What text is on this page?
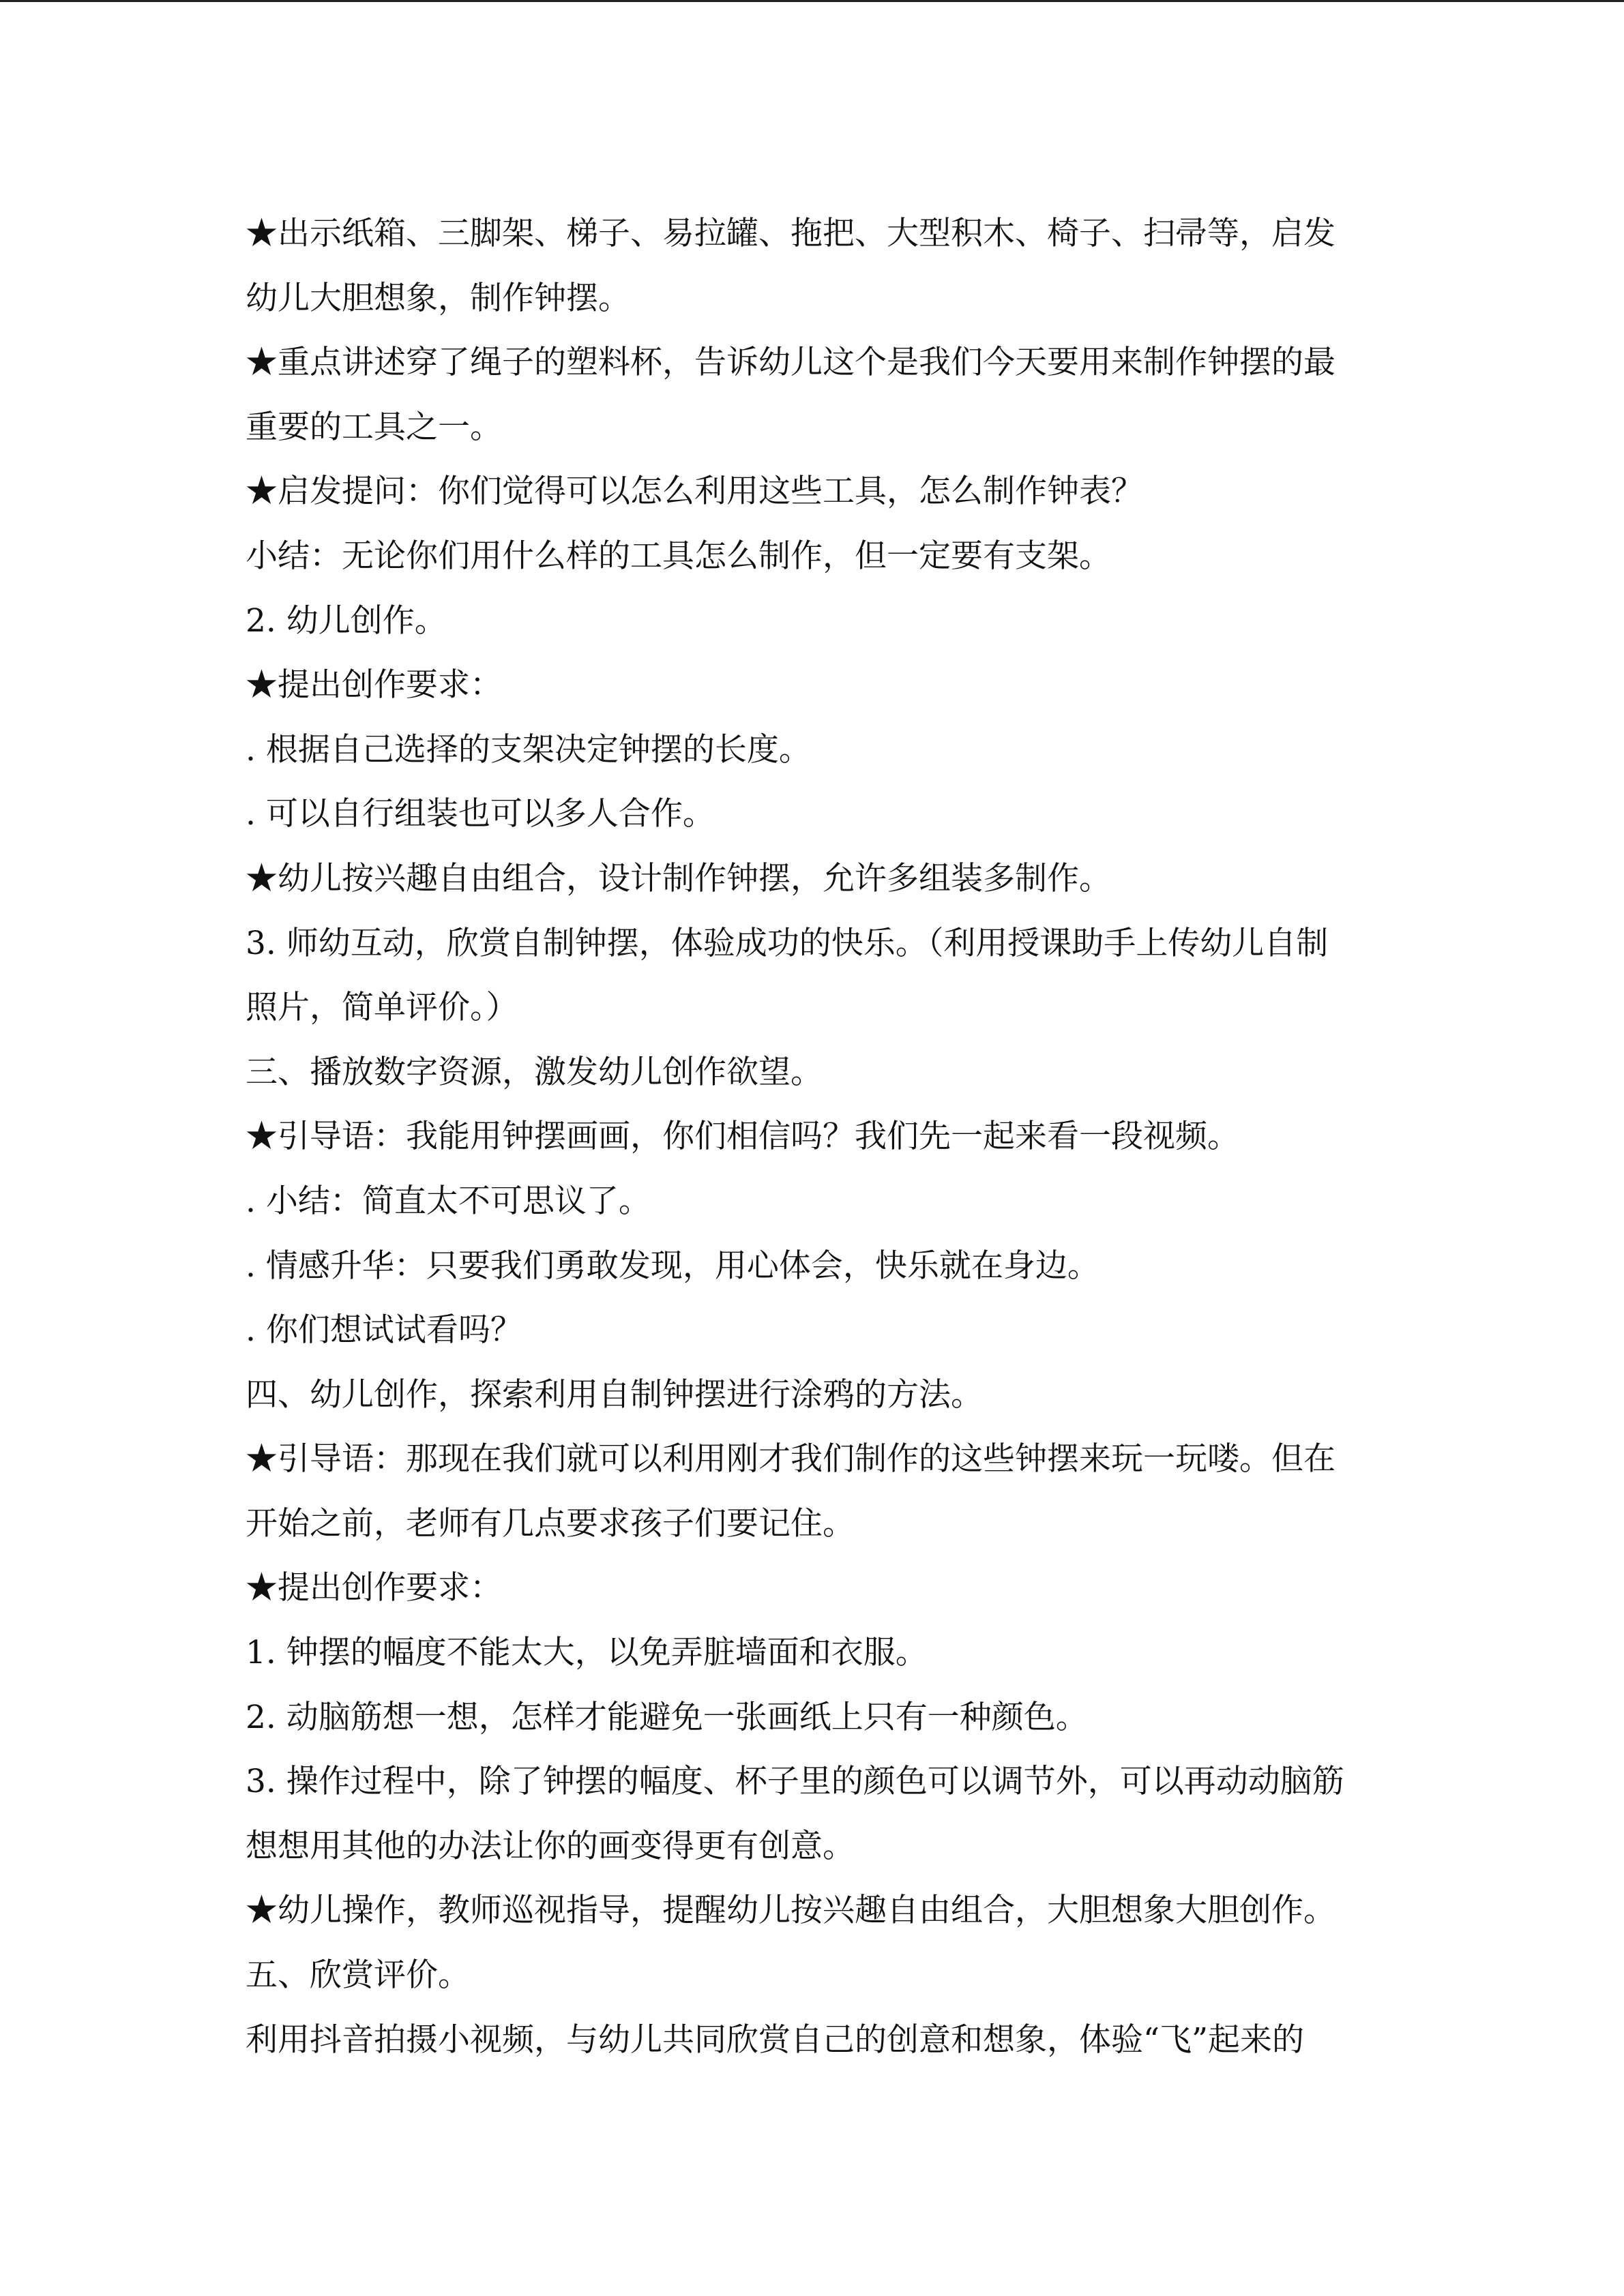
★出示纸箱、三脚架、梯子、易拉罐、拖把、大型积木、椅子、扫帚等，启发
幼儿大胆想象，制作钟摆。
★重点讲述穿了绳子的塑料杯，告诉幼儿这个是我们今天要用来制作钟摆的最
重要的工具之一。
★启发提问：你们觉得可以怎么利用这些工具，怎么制作钟表？
小结：无论你们用什么样的工具怎么制作，但一定要有支架。
2. 幼儿创作。
★提出创作要求：
. 根据自己选择的支架决定钟摆的长度。
. 可以自行组装也可以多人合作。
★幼儿按兴趣自由组合，设计制作钟摆，允许多组装多制作。
3. 师幼互动，欣赏自制钟摆，体验成功的快乐。（利用授课助手上传幼儿自制
照片，简单评价。）
三、播放数字资源，激发幼儿创作欲望。
★引导语：我能用钟摆画画，你们相信吗？我们先一起来看一段视频。
. 小结：简直太不可思议了。
. 情感升华：只要我们勇敢发现，用心体会，快乐就在身边。
. 你们想试试看吗？
四、幼儿创作，探索利用自制钟摆进行涂鸦的方法。
★引导语：那现在我们就可以利用刚才我们制作的这些钟摆来玩一玩喽。但在
开始之前，老师有几点要求孩子们要记住。
★提出创作要求：
1. 钟摆的幅度不能太大，以免弄脏墙面和衣服。
2. 动脑筋想一想，怎样才能避免一张画纸上只有一种颜色。
3. 操作过程中，除了钟摆的幅度、杯子里的颜色可以调节外，可以再动动脑筋
想想用其他的办法让你的画变得更有创意。
★幼儿操作，教师巡视指导，提醒幼儿按兴趣自由组合，大胆想象大胆创作。
五、欣赏评价。
利用抖音拍摄小视频，与幼儿共同欣赏自己的创意和想象，体验“飞”起来的
